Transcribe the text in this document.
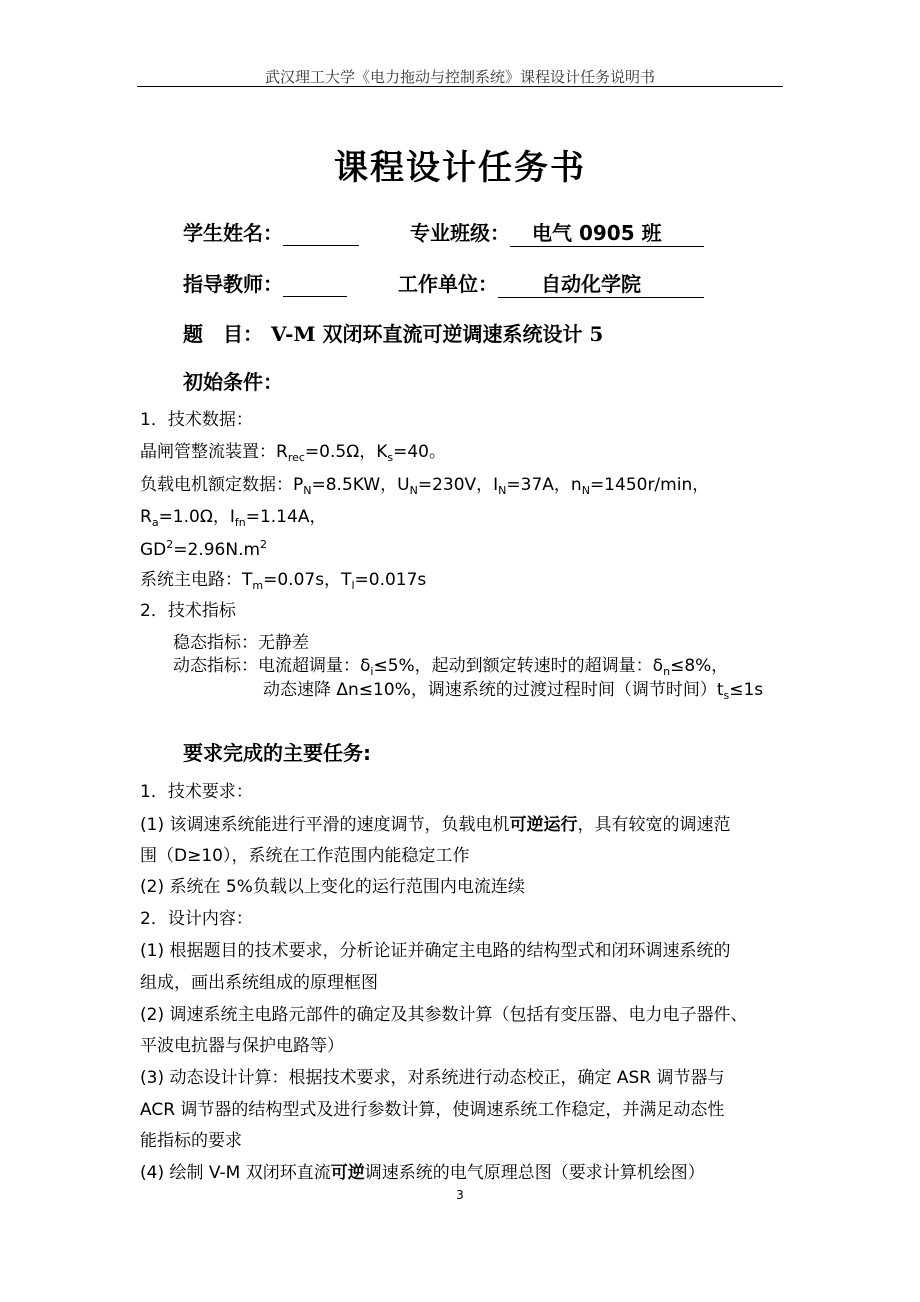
武汉理工大学《电力拖动与控制系统》课程设计任务说明书
课程设计任务书
学生姓名：	专业班级： 电气 0905 班
指导教师：	工作单位： 自动化学院
题　目： V-M 双闭环直流可逆调速系统设计 5
初始条件：
1．技术数据：
晶闸管整流装置：$R_{rec}=0.5\Omega$，$K_s=40$。
负载电机额定数据：$P_N=8.5KW$，$U_N=230V$，$I_N=37A$，$n_N=1450r/\min$，
$R_a=1.0\Omega$，$I_{fn}=1.14A$，
$GD^2=2.96N.m^2$
系统主电路：$T_m=0.07s$，$T_l=0.017s$
2．技术指标
稳态指标：无静差
动态指标：电流超调量：$\delta_i\le 5\%$，起动到额定转速时的超调量：$\delta_n\le 8\%$，
动态速降 Δn≤10%，调速系统的过渡过程时间（调节时间）$t_s\le 1s$
要求完成的主要任务:
1．技术要求：
(1) 该调速系统能进行平滑的速度调节，负载电机可逆运行，具有较宽的调速范
围（D≥10），系统在工作范围内能稳定工作
(2) 系统在 5%负载以上变化的运行范围内电流连续
2．设计内容：
(1) 根据题目的技术要求，分析论证并确定主电路的结构型式和闭环调速系统的
组成，画出系统组成的原理框图
(2) 调速系统主电路元部件的确定及其参数计算（包括有变压器、电力电子器件、
平波电抗器与保护电路等）
(3) 动态设计计算：根据技术要求，对系统进行动态校正，确定 ASR 调节器与
ACR 调节器的结构型式及进行参数计算，使调速系统工作稳定，并满足动态性
能指标的要求
(4) 绘制 V-M 双闭环直流可逆调速系统的电气原理总图（要求计算机绘图）
3
